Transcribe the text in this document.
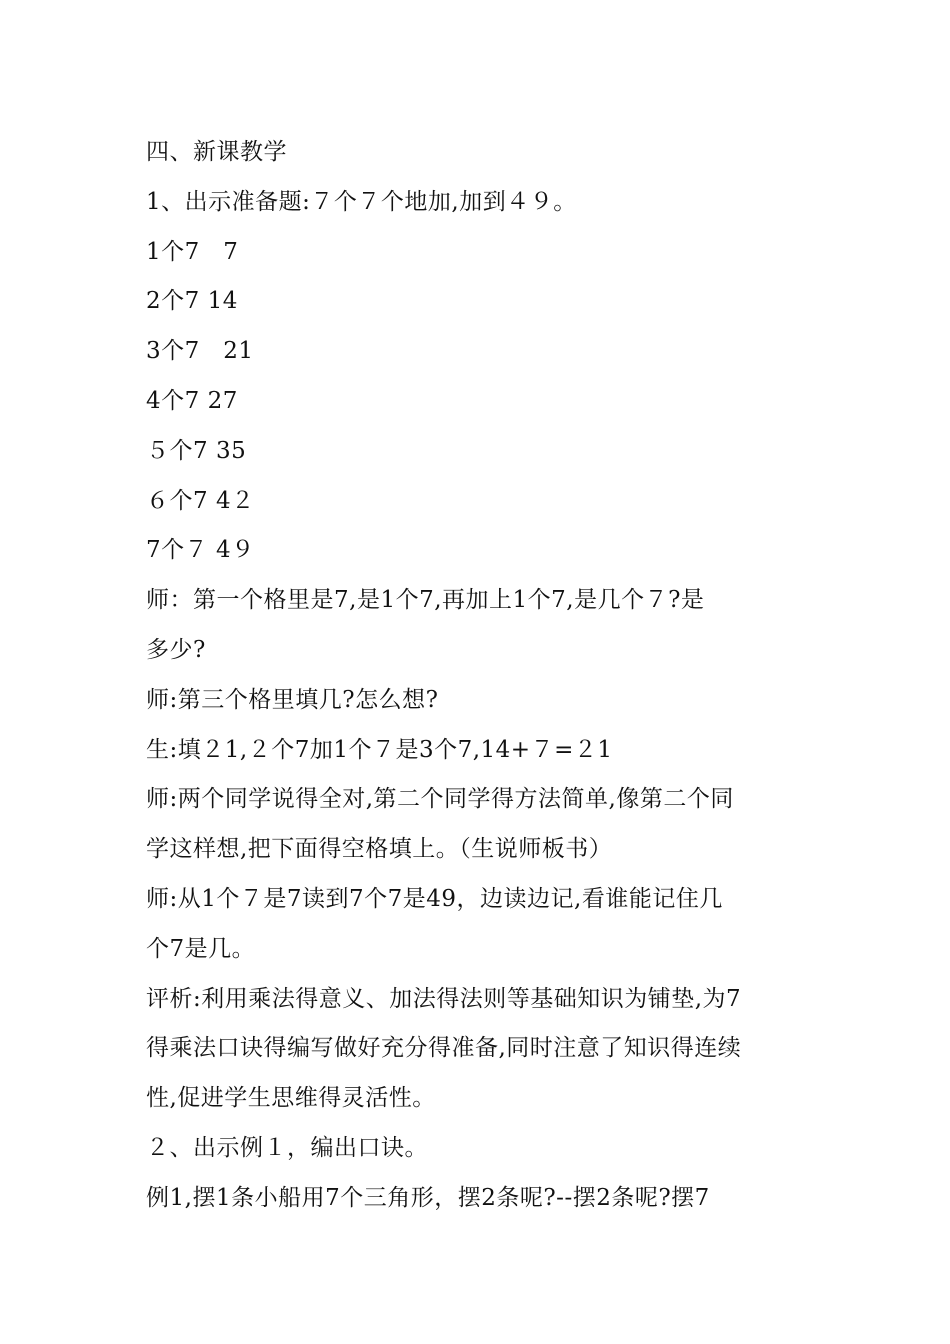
四、新课教学
1、出示准备题:７个７个地加,加到４９。
1个7　7
2个7 14
3个7　21
4个7 27
５个7 35
６个7 4２
7个７ 4９
师：第一个格里是7,是1个7,再加上1个7,是几个７?是
多少?
师:第三个格里填几?怎么想?
生:填２1,２个7加1个７是3个7,14+７=２1
师:两个同学说得全对,第二个同学得方法简单,像第二个同
学这样想,把下面得空格填上。（生说师板书）
师:从1个７是7读到7个7是49，边读边记,看谁能记住几
个7是几。
评析:利用乘法得意义、加法得法则等基础知识为铺垫,为7
得乘法口诀得编写做好充分得准备,同时注意了知识得连续
性,促进学生思维得灵活性。
２、出示例１，编出口诀。
例1,摆1条小船用7个三角形，摆2条呢?--摆2条呢?摆7
